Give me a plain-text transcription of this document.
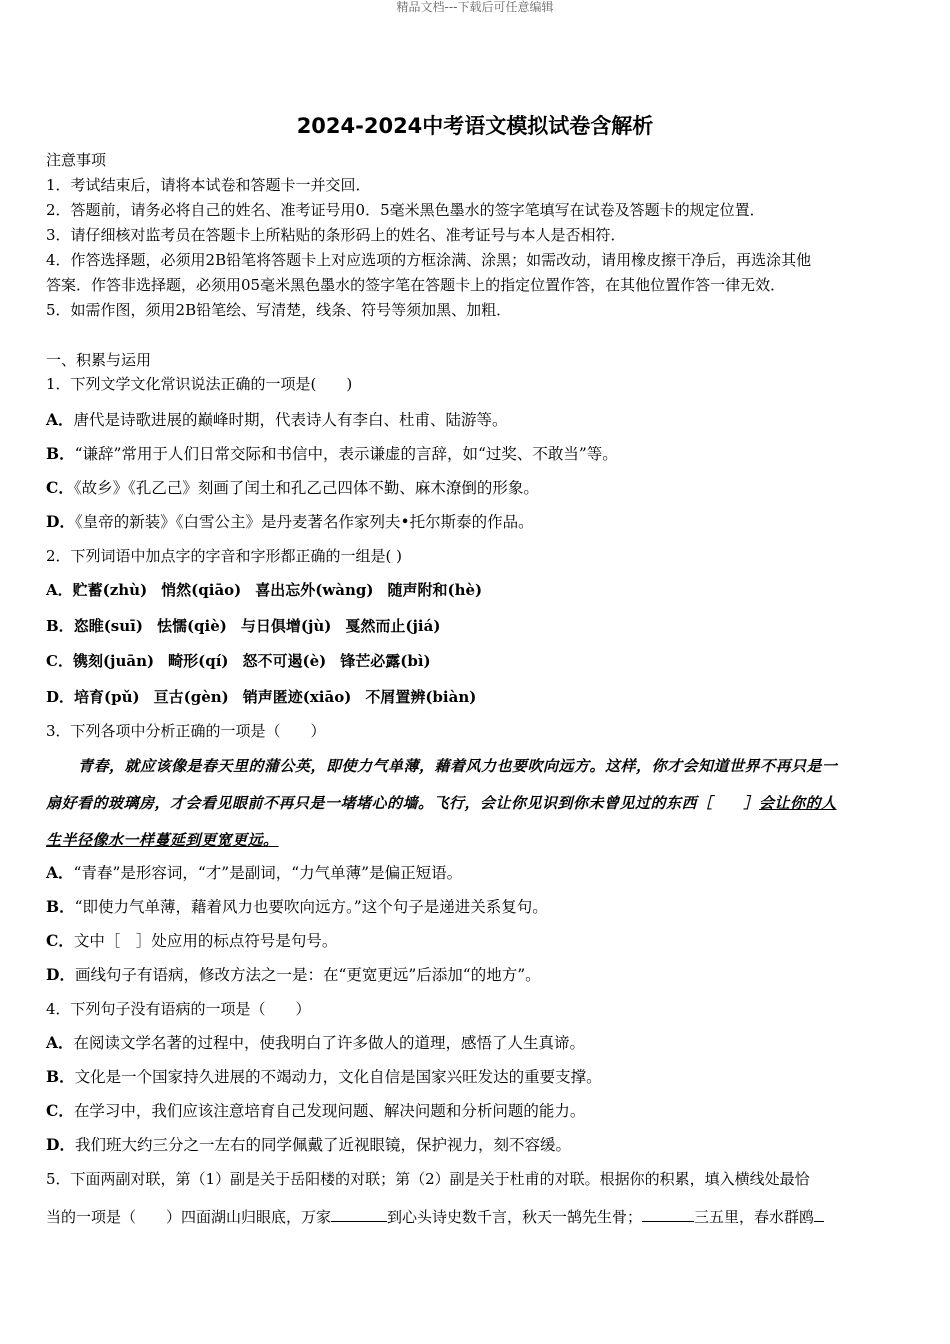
精品文档---下载后可任意编辑
2024-2024中考语文模拟试卷含解析
注意事项
1．考试结束后，请将本试卷和答题卡一并交回．
2．答题前，请务必将自己的姓名、准考证号用0．5毫米黑色墨水的签字笔填写在试卷及答题卡的规定位置．
3．请仔细核对监考员在答题卡上所粘贴的条形码上的姓名、准考证号与本人是否相符．
4．作答选择题，必须用2B铅笔将答题卡上对应选项的方框涂满、涂黑；如需改动，请用橡皮擦干净后，再选涂其他
答案．作答非选择题，必须用05毫米黑色墨水的签字笔在答题卡上的指定位置作答，在其他位置作答一律无效．
5．如需作图，须用2B铅笔绘、写清楚，线条、符号等须加黑、加粗．
一、积累与运用
1．下列文学文化常识说法正确的一项是(　　)
A．唐代是诗歌进展的巅峰时期，代表诗人有李白、杜甫、陆游等。
B．“谦辞”常用于人们日常交际和书信中，表示谦虚的言辞，如“过奖、不敢当”等。
C．《故乡》《孔乙己》刻画了闰土和孔乙己四体不勤、麻木潦倒的形象。
D．《皇帝的新装》《白雪公主》是丹麦著名作家列夫•托尔斯泰的作品。
2．下列词语中加点字的字音和字形都正确的一组是( )
A．贮蓄(zhù) 悄然(qiāo) 喜出忘外(wàng) 随声附和(hè)
B．恣睢(suī) 怯懦(qiè) 与日俱增(jù) 戛然而止(jiá)
C．镌刻(juān) 畸形(qí) 怒不可遏(è) 锋芒必露(bì)
D．培育(pǔ) 亘古(gèn) 销声匿迹(xiāo) 不屑置辨(biàn)
3．下列各项中分析正确的一项是（　　）
青春，就应该像是春天里的蒲公英，即使力气单薄，藉着风力也要吹向远方。这样，你才会知道世界不再只是一
扇好看的玻璃房，才会看见眼前不再只是一堵堵心的墙。飞行，会让你见识到你未曾见过的东西［　　］会让你的人
生半径像水一样蔓延到更宽更远。
A．“青春”是形容词，“才”是副词，“力气单薄”是偏正短语。
B．“即使力气单薄，藉着风力也要吹向远方。”这个句子是递进关系复句。
C．文中［　］处应用的标点符号是句号。
D．画线句子有语病，修改方法之一是：在“更宽更远”后添加“的地方”。
4．下列句子没有语病的一项是（　　）
A．在阅读文学名著的过程中，使我明白了许多做人的道理，感悟了人生真谛。
B．文化是一个国家持久进展的不竭动力，文化自信是国家兴旺发达的重要支撑。
C．在学习中，我们应该注意培育自己发现问题、解决问题和分析问题的能力。
D．我们班大约三分之一左右的同学佩戴了近视眼镜，保护视力，刻不容缓。
5．下面两副对联，第（1）副是关于岳阳楼的对联；第（2）副是关于杜甫的对联。根据你的积累，填入横线处最恰
当的一项是（　　）四面湖山归眼底，万家	到心头诗史数千言，秋天一鹄先生骨；	三五里，春水群鸥
